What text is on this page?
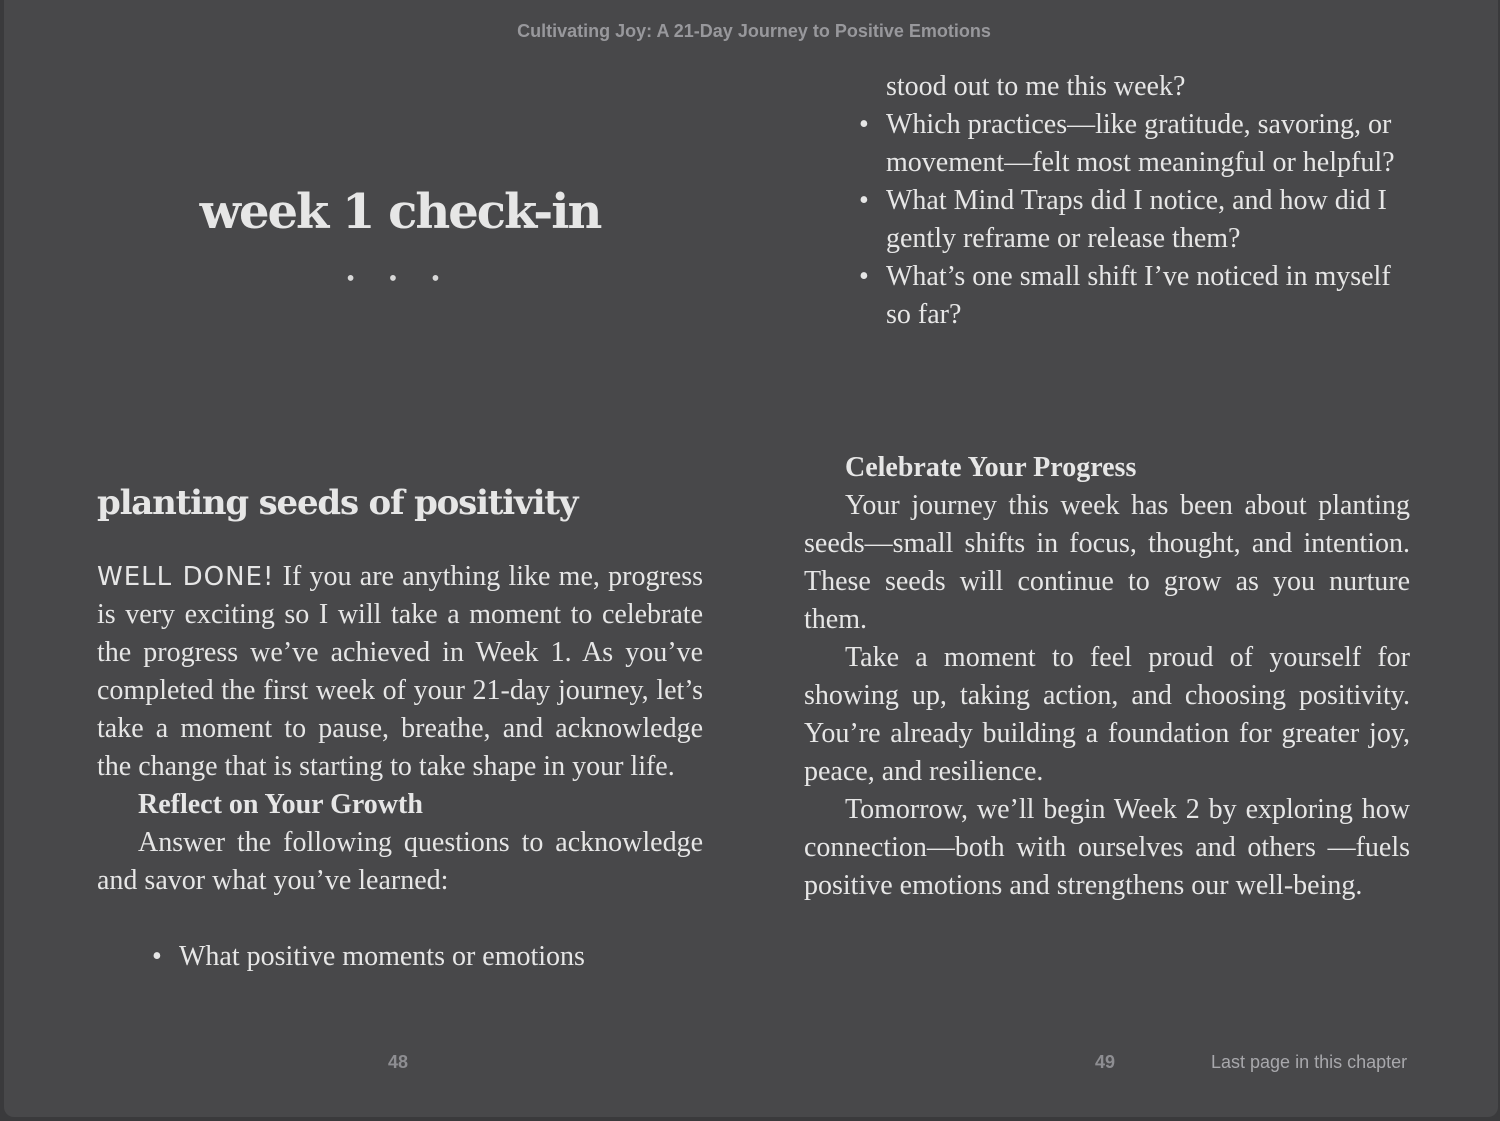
Cultivating Joy: A 21-Day Journey to Positive Emotions
week 1 check-in
• • •
planting seeds of positivity

WELL DONE! If you are anything like me, progress is very exciting so I will take a moment to celebrate the progress we’ve achieved in Week 1. As you’ve completed the first week of your 21-day journey, let’s take a moment to pause, breathe, and acknowledge the change that is starting to take shape in your life.

Reflect on Your Growth

Answer the following questions to acknowledge and savor what you’ve learned:

• What positive moments or emotions
stood out to me this week?
• Which practices—like gratitude, savoring, or movement—felt most meaningful or helpful?
• What Mind Traps did I notice, and how did I gently reframe or release them?
• What’s one small shift I’ve noticed in myself so far?

Celebrate Your Progress

Your journey this week has been about planting seeds—small shifts in focus, thought, and intention. These seeds will continue to grow as you nurture them.

Take a moment to feel proud of yourself for showing up, taking action, and choosing positivity. You’re already building a foundation for greater joy, peace, and resilience.

Tomorrow, we’ll begin Week 2 by exploring how connection—both with ourselves and others —fuels positive emotions and strengthens our well-being.

48	49	Last page in this chapter
